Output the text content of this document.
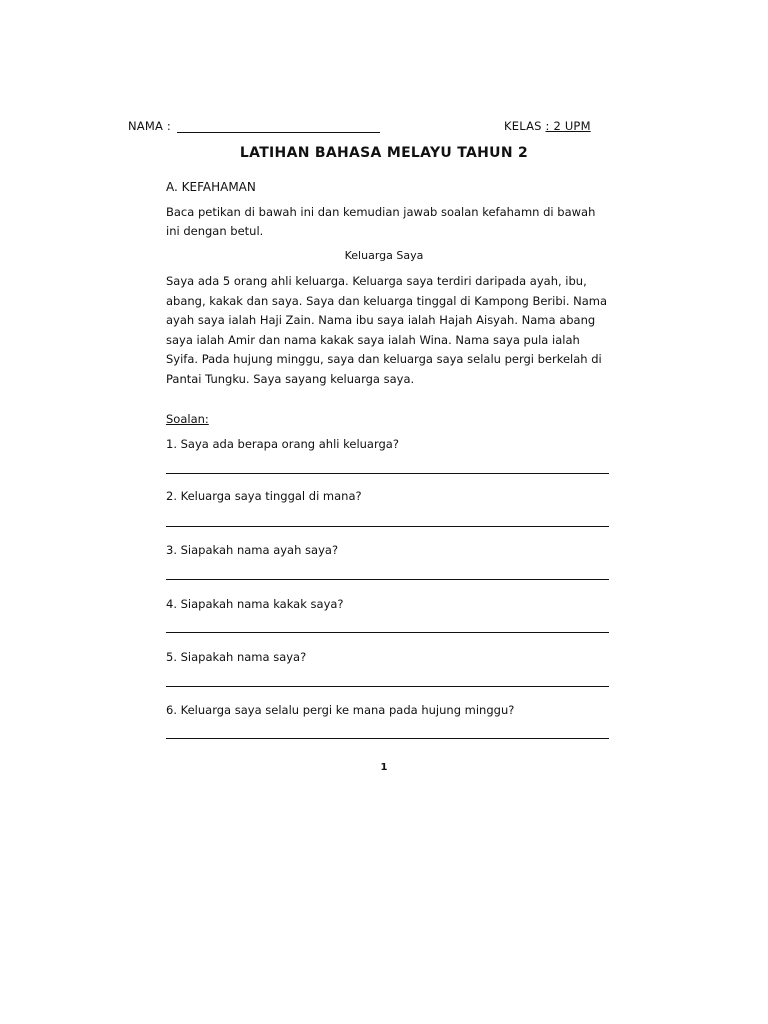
NAMA :	KELAS : 2 UPM
LATIHAN BAHASA MELAYU TAHUN 2
A. KEFAHAMAN
Baca petikan di bawah ini dan kemudian jawab soalan kefahamn di bawah ini dengan betul.
Keluarga Saya
Saya ada 5 orang ahli keluarga. Keluarga saya terdiri daripada ayah, ibu, abang, kakak dan saya. Saya dan keluarga tinggal di Kampong Beribi. Nama ayah saya ialah Haji Zain. Nama ibu saya ialah Hajah Aisyah. Nama abang saya ialah Amir dan nama kakak saya ialah Wina. Nama saya pula ialah Syifa. Pada hujung minggu, saya dan keluarga saya selalu pergi berkelah di Pantai Tungku. Saya sayang keluarga saya.
Soalan:
1. Saya ada berapa orang ahli keluarga?
2. Keluarga saya tinggal di mana?
3. Siapakah nama ayah saya?
4. Siapakah nama kakak saya?
5. Siapakah nama saya?
6. Keluarga saya selalu pergi ke mana pada hujung minggu?
1
